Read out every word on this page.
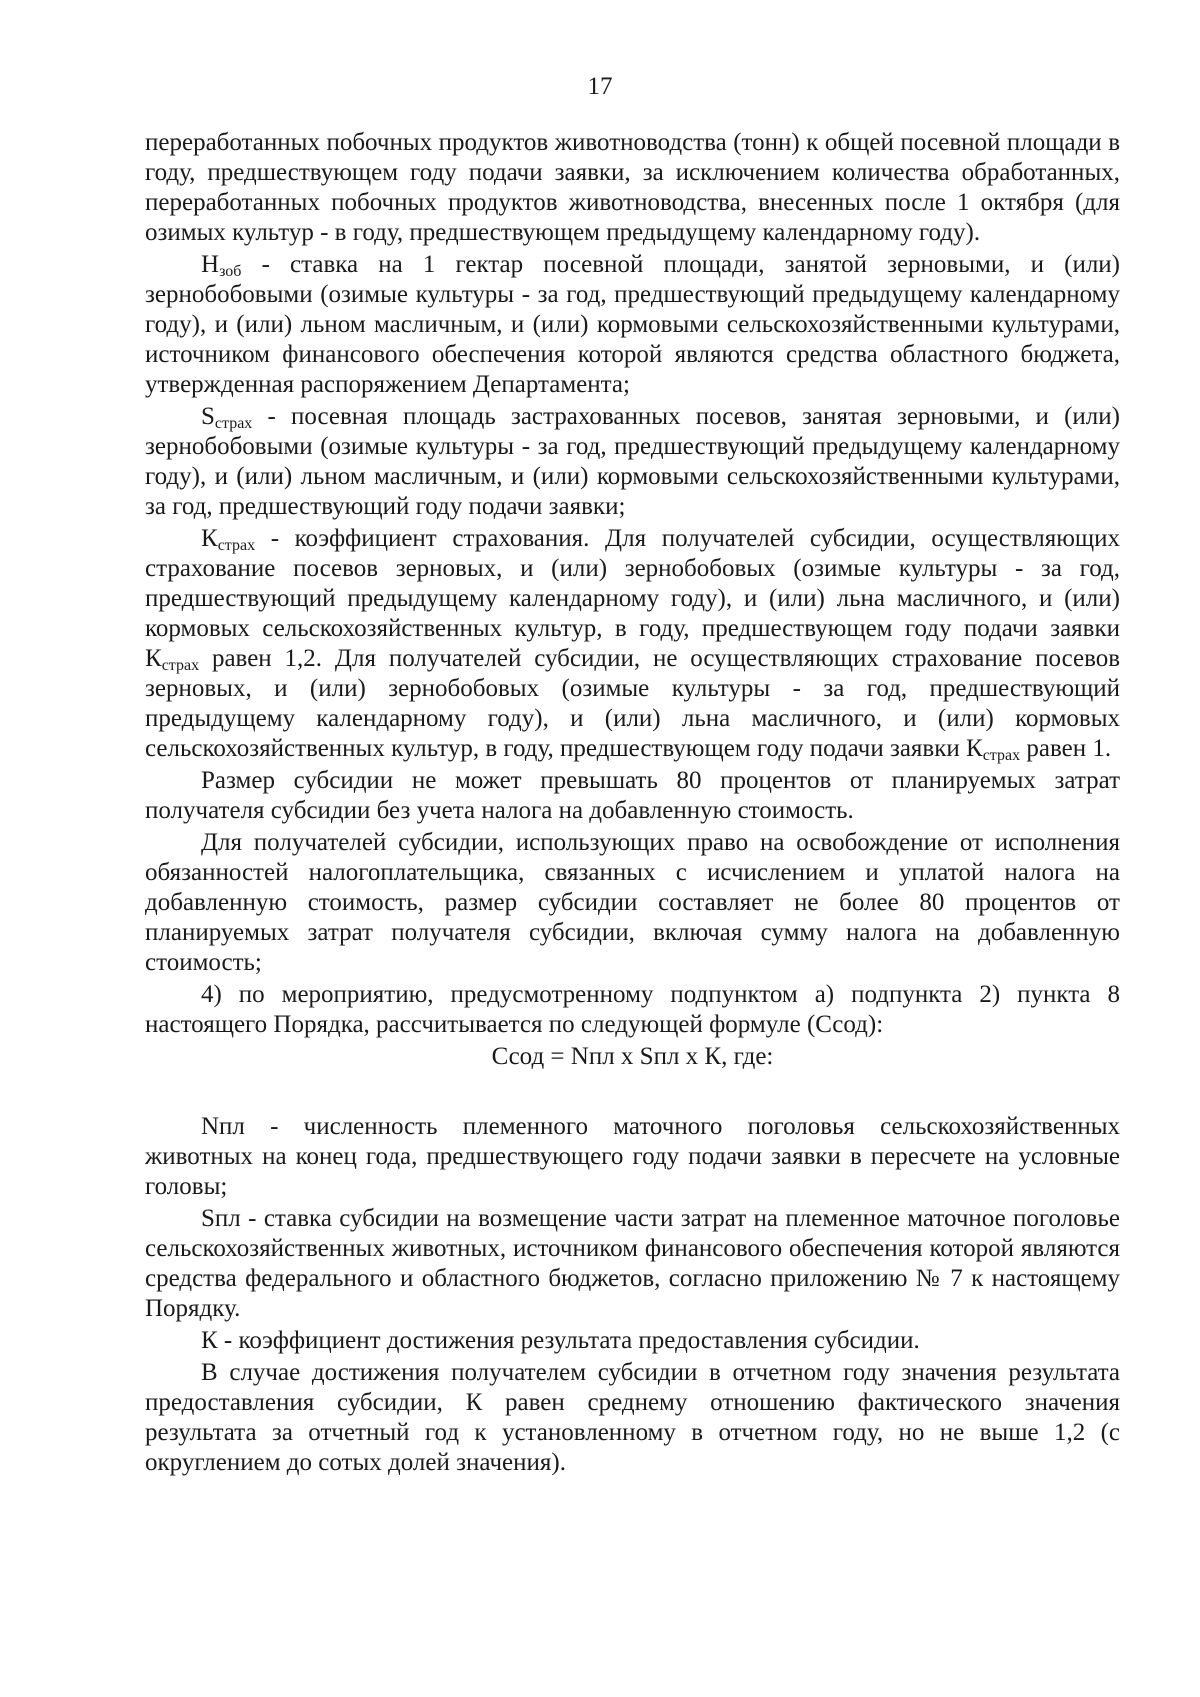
17

переработанных побочных продуктов животноводства (тонн) к общей посевной площади в году, предшествующем году подачи заявки, за исключением количества обработанных, переработанных побочных продуктов животноводства, внесенных после 1 октября (для озимых культур - в году, предшествующем предыдущему календарному году).

$Н_{зоб}$ - ставка на 1 гектар посевной площади, занятой зерновыми, и (или) зернобобовыми (озимые культуры - за год, предшествующий предыдущему календарному году), и (или) льном масличным, и (или) кормовыми сельскохозяйственными культурами, источником финансового обеспечения которой являются средства областного бюджета, утвержденная распоряжением Департамента;

$S_{страх}$ - посевная площадь застрахованных посевов, занятая зерновыми, и (или) зернобобовыми (озимые культуры - за год, предшествующий предыдущему календарному году), и (или) льном масличным, и (или) кормовыми сельскохозяйственными культурами, за год, предшествующий году подачи заявки;

$К_{страх}$ - коэффициент страхования. Для получателей субсидии, осуществляющих страхование посевов зерновых, и (или) зернобобовых (озимые культуры - за год, предшествующий предыдущему календарному году), и (или) льна масличного, и (или) кормовых сельскохозяйственных культур, в году, предшествующем году подачи заявки $К_{страх}$ равен 1,2. Для получателей субсидии, не осуществляющих страхование посевов зерновых, и (или) зернобобовых (озимые культуры - за год, предшествующий предыдущему календарному году), и (или) льна масличного, и (или) кормовых сельскохозяйственных культур, в году, предшествующем году подачи заявки $К_{страх}$ равен 1.

Размер субсидии не может превышать 80 процентов от планируемых затрат получателя субсидии без учета налога на добавленную стоимость.

Для получателей субсидии, использующих право на освобождение от исполнения обязанностей налогоплательщика, связанных с исчислением и уплатой налога на добавленную стоимость, размер субсидии составляет не более 80 процентов от планируемых затрат получателя субсидии, включая сумму налога на добавленную стоимость;

4) по мероприятию, предусмотренному подпунктом а) подпункта 2) пункта 8 настоящего Порядка, рассчитывается по следующей формуле (Ссод):

Ссод = Nпл х Sпл х К, где:

Nпл - численность племенного маточного поголовья сельскохозяйственных животных на конец года, предшествующего году подачи заявки в пересчете на условные головы;

Sпл - ставка субсидии на возмещение части затрат на племенное маточное поголовье сельскохозяйственных животных, источником финансового обеспечения которой являются средства федерального и областного бюджетов, согласно приложению № 7 к настоящему Порядку.

К - коэффициент достижения результата предоставления субсидии.

В случае достижения получателем субсидии в отчетном году значения результата предоставления субсидии, К равен среднему отношению фактического значения результата за отчетный год к установленному в отчетном году, но не выше 1,2 (с округлением до сотых долей значения).
